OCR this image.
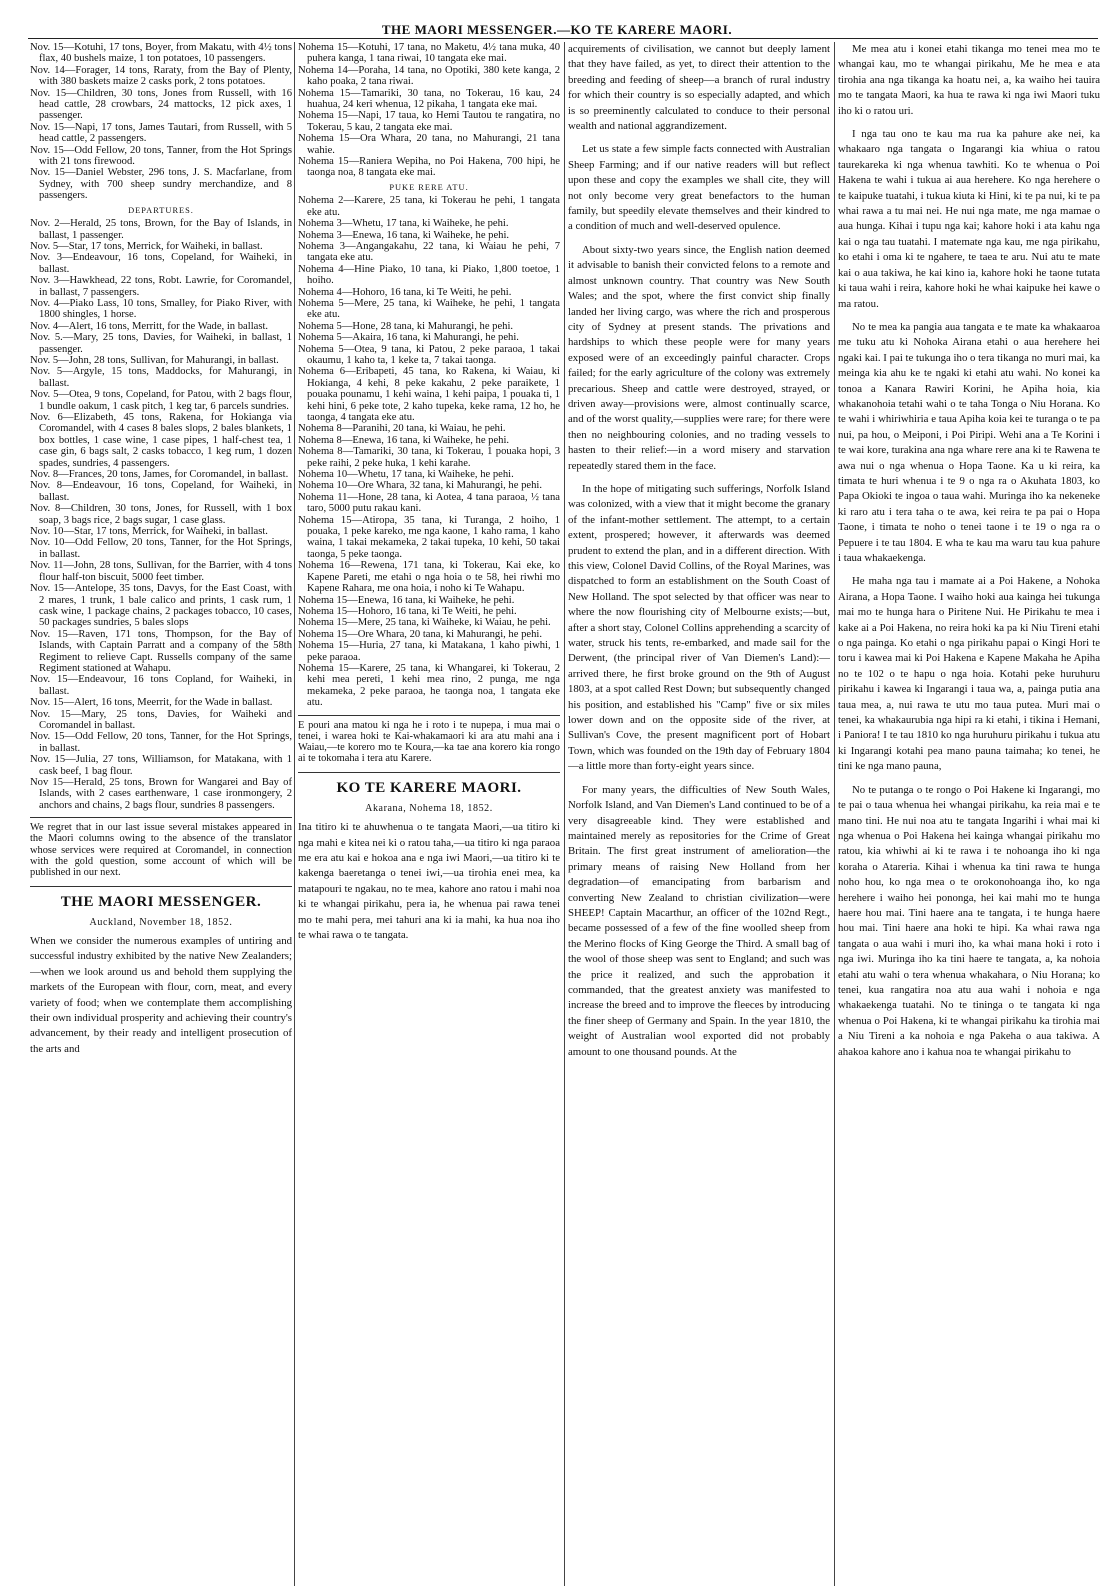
THE MAORI MESSENGER.—KO TE KARERE MAORI.

Nov. 15—Kotuhi, 17 tons, Boyer, from Makatu, with 4½ tons flax, 40 bushels maize, 1 ton potatoes, 10 passengers.

Nov. 14—Forager, 14 tons, Raraty, from the Bay of Plenty, with 380 baskets maize 2 casks pork, 2 tons potatoes.

Nov. 15—Children, 30 tons, Jones from Russell, with 16 head cattle, 28 crowbars, 24 mattocks, 12 pick axes, 1 passenger.

Nov. 15—Napi, 17 tons, James Tautari, from Russell, with 5 head cattle, 2 passengers.

Nov. 15—Odd Fellow, 20 tons, Tanner, from the Hot Springs with 21 tons firewood.

Nov. 15—Daniel Webster, 296 tons, J. S. Macfarlane, from Sydney, with 700 sheep sundry merchandize, and 8 passengers.

DEPARTURES.

Nov. 2—Herald, 25 tons, Brown, for the Bay of Islands, in ballast, 1 passenger.

Nov. 5—Star, 17 tons, Merrick, for Waiheki, in ballast.

Nov. 3—Endeavour, 16 tons, Copeland, for Waiheki, in ballast.

Nov. 3—Hawkhead, 22 tons, Robt. Lawrie, for Coromandel, in ballast, 7 passengers.

Nov. 4—Piako Lass, 10 tons, Smalley, for Piako River, with 1800 shingles, 1 horse.

Nov. 4—Alert, 16 tons, Merritt, for the Wade, in ballast.

Nov. 5.—Mary, 25 tons, Davies, for Waiheki, in ballast, 1 passenger.

Nov. 5—John, 28 tons, Sullivan, for Mahurangi, in ballast.

Nov. 5—Argyle, 15 tons, Maddocks, for Mahurangi, in ballast.

Nov. 5—Otea, 9 tons, Copeland, for Patou, with 2 bags flour, 1 bundle oakum, 1 cask pitch, 1 keg tar, 6 parcels sundries.

Nov. 6—Elizabeth, 45 tons, Rakena, for Hokianga via Coromandel, with 4 cases 8 bales slops, 2 bales blankets, 1 box bottles, 1 case wine, 1 case pipes, 1 half-chest tea, 1 case gin, 6 bags salt, 2 casks tobacco, 1 keg rum, 1 dozen spades, sundries, 4 passengers.

Nov. 8—Frances, 20 tons, James, for Coromandel, in ballast.

Nov. 8—Endeavour, 16 tons, Copeland, for Waiheki, in ballast.

Nov. 8—Children, 30 tons, Jones, for Russell, with 1 box soap, 3 bags rice, 2 bags sugar, 1 case glass.

Nov. 10—Star, 17 tons, Merrick, for Waiheki, in ballast.

Nov. 10—Odd Fellow, 20 tons, Tanner, for the Hot Springs, in ballast.

Nov. 11—John, 28 tons, Sullivan, for the Barrier, with 4 tons flour half-ton biscuit, 5000 feet timber.

Nov. 15—Antelope, 35 tons, Davys, for the East Coast, with 2 mares, 1 trunk, 1 bale calico and prints, 1 cask rum, 1 cask wine, 1 package chains, 2 packages tobacco, 10 cases, 50 packages sundries, 5 bales slops

Nov. 15—Raven, 171 tons, Thompson, for the Bay of Islands, with Captain Parratt and a company of the 58th Regiment to relieve Capt. Russells company of the same Regiment stationed at Wahapu.

Nov. 15—Endeavour, 16 tons Copland, for Waiheki, in ballast.

Nov. 15—Alert, 16 tons, Meerrit, for the Wade in ballast.

Nov. 15—Mary, 25 tons, Davies, for Waiheki and Coromandel in ballast.

Nov. 15—Odd Fellow, 20 tons, Tanner, for the Hot Springs, in ballast.

Nov. 15—Julia, 27 tons, Williamson, for Matakana, with 1 cask beef, 1 bag flour.

Nov 15—Herald, 25 tons, Brown for Wangarei and Bay of Islands, with 2 cases earthenware, 1 case ironmongery, 2 anchors and chains, 2 bags flour, sundries 8 passengers.

We regret that in our last issue several mistakes appeared in the Maori columns owing to the absence of the translator whose services were required at Coromandel, in connection with the gold question, some account of which will be published in our next.
THE MAORI MESSENGER.
Auckland, November 18, 1852.

When we consider the numerous examples of untiring and successful industry exhibited by the native New Zealanders;—when we look around us and behold them supplying the markets of the European with flour, corn, meat, and every variety of food; when we contemplate them accomplishing their own individual prosperity and achieving their country's advancement, by their ready and intelligent prosecution of the arts and

Nohema 15—Kotuhi, 17 tana, no Maketu, 4½ tana muka, 40 puhera kanga, 1 tana riwai, 10 tangata eke mai.

Nohema 14—Poraha, 14 tana, no Opotiki, 380 kete kanga, 2 kaho poaka, 2 tana riwai.

Nohema 15—Tamariki, 30 tana, no Tokerau, 16 kau, 24 huahua, 24 keri whenua, 12 pikaha, 1 tangata eke mai.

Nohema 15—Napi, 17 taua, ko Hemi Tautou te rangatira, no Tokerau, 5 kau, 2 tangata eke mai.

Nohema 15—Ora Whara, 20 tana, no Mahurangi, 21 tana wahie.

Nohema 15—Raniera Wepiha, no Poi Hakena, 700 hipi, he taonga noa, 8 tangata eke mai.

PUKE RERE ATU.

Nohema 2—Karere, 25 tana, ki Tokerau he pehi, 1 tangata eke atu.

Nohema 3—Whetu, 17 tana, ki Waiheke, he pehi.

Nohema 3—Enewa, 16 tana, ki Waiheke, he pehi.

Nohema 3—Angangakahu, 22 tana, ki Waiau he pehi, 7 tangata eke atu.

Nohema 4—Hine Piako, 10 tana, ki Piako, 1,800 toetoe, 1 hoiho.

Nohema 4—Hohoro, 16 tana, ki Te Weiti, he pehi.

Nohema 5—Mere, 25 tana, ki Waiheke, he pehi, 1 tangata eke atu.

Nohema 5—Hone, 28 tana, ki Mahurangi, he pehi.

Nohema 5—Akaira, 16 tana, ki Mahurangi, he pehi.

Nohema 5—Otea, 9 tana, ki Patou, 2 peke paraoa, 1 takai okaumu, 1 kaho ta, 1 keke ta, 7 takai taonga.

Nohema 6—Eribapeti, 45 tana, ko Rakena, ki Waiau, ki Hokianga, 4 kehi, 8 peke kakahu, 2 peke paraikete, 1 pouaka pounamu, 1 kehi waina, 1 kehi paipa, 1 pouaka ti, 1 kehi hini, 6 peke tote, 2 kaho tupeka, keke rama, 12 ho, he taonga, 4 tangata eke atu.

Nohema 8—Paranihi, 20 tana, ki Waiau, he pehi.

Nohema 8—Enewa, 16 tana, ki Waiheke, he pehi.

Nohema 8—Tamariki, 30 tana, ki Tokerau, 1 pouaka hopi, 3 peke raihi, 2 peke huka, 1 kehi karahe.

Nohema 10—Whetu, 17 tana, ki Waiheke, he pehi.

Nohema 10—Ore Whara, 32 tana, ki Mahurangi, he pehi.

Nohema 11—Hone, 28 tana, ki Aotea, 4 tana paraoa, ½ tana taro, 5000 putu rakau kani.

Nohema 15—Atiropa, 35 tana, ki Turanga, 2 hoiho, 1 pouaka, 1 peke kareko, me nga kaone, 1 kaho rama, 1 kaho waina, 1 takai mekameka, 2 takai tupeka, 10 kehi, 50 takai taonga, 5 peke taonga.

Nohema 16—Rewena, 171 tana, ki Tokerau, Kai eke, ko Kapene Pareti, me etahi o nga hoia o te 58, hei riwhi mo Kapene Rahara, me ona hoia, i noho ki Te Wahapu.

Nohema 15—Enewa, 16 tana, ki Waiheke, he pehi.

Nohema 15—Hohoro, 16 tana, ki Te Weiti, he pehi.

Nohema 15—Mere, 25 tana, ki Waiheke, ki Waiau, he pehi.

Nohema 15—Ore Whara, 20 tana, ki Mahurangi, he pehi.

Nohema 15—Huria, 27 tana, ki Matakana, 1 kaho piwhi, 1 peke paraoa.

Nohema 15—Karere, 25 tana, ki Whangarei, ki Tokerau, 2 kehi mea pereti, 1 kehi mea rino, 2 punga, me nga mekameka, 2 peke paraoa, he taonga noa, 1 tangata eke atu.

E pouri ana matou ki nga he i roto i te nupepa, i mua mai o tenei, i warea hoki te Kai-whakamaori ki ara atu mahi ana i Waiau,—te korero mo te Koura,—ka tae ana korero kia rongo ai te tokomaha i tera atu Karere.
KO TE KARERE MAORI.
Akarana, Nohema 18, 1852.

Ina titiro ki te ahuwhenua o te tangata Maori,—ua titiro ki nga mahi e kitea nei ki o ratou taha,—ua titiro ki nga paraoa me era atu kai e hokoa ana e nga iwi Maori,—ua titiro ki te kakenga baeretanga o tenei iwi,—ua tirohia enei mea, ka matapouri te ngakau, no te mea, kahore ano ratou i mahi noa ki te whangai pirikahu, pera ia, he whenua pai rawa tenei mo te mahi pera, mei tahuri ana ki ia mahi, ka hua noa iho te whai rawa o te tangata.

acquirements of civilisation, we cannot but deeply lament that they have failed, as yet, to direct their attention to the breeding and feeding of sheep—a branch of rural industry for which their country is so especially adapted, and which is so preeminently calculated to conduce to their personal wealth and national aggrandizement.

Let us state a few simple facts connected with Australian Sheep Farming; and if our native readers will but reflect upon these and copy the examples we shall cite, they will not only become very great benefactors to the human family, but speedily elevate themselves and their kindred to a condition of much and well-deserved opulence.

About sixty-two years since, the English nation deemed it advisable to banish their convicted felons to a remote and almost unknown country. That country was New South Wales; and the spot, where the first convict ship finally landed her living cargo, was where the rich and prosperous city of Sydney at present stands. The privations and hardships to which these people were for many years exposed were of an exceedingly painful character. Crops failed; for the early agriculture of the colony was extremely precarious. Sheep and cattle were destroyed, strayed, or driven away—provisions were, almost continually scarce, and of the worst quality,—supplies were rare; for there were then no neighbouring colonies, and no trading vessels to hasten to their relief:—in a word misery and starvation repeatedly stared them in the face.

In the hope of mitigating such sufferings, Norfolk Island was colonized, with a view that it might become the granary of the infant-mother settlement. The attempt, to a certain extent, prospered; however, it afterwards was deemed prudent to extend the plan, and in a different direction. With this view, Colonel David Collins, of the Royal Marines, was dispatched to form an establishment on the South Coast of New Holland. The spot selected by that officer was near to where the now flourishing city of Melbourne exists;—but, after a short stay, Colonel Collins apprehending a scarcity of water, struck his tents, re-embarked, and made sail for the Derwent, (the principal river of Van Diemen's Land):—arrived there, he first broke ground on the 9th of August 1803, at a spot called Rest Down; but subsequently changed his position, and established his "Camp" five or six miles lower down and on the opposite side of the river, at Sullivan's Cove, the present magnificent port of Hobart Town, which was founded on the 19th day of February 1804—a little more than forty-eight years since.

For many years, the difficulties of New South Wales, Norfolk Island, and Van Diemen's Land continued to be of a very disagreeable kind. They were established and maintained merely as repositories for the Crime of Great Britain. The first great instrument of amelioration—the primary means of raising New Holland from her degradation—of emancipating from barbarism and converting New Zealand to christian civilization—were SHEEP! Captain Macarthur, an officer of the 102nd Regt., became possessed of a few of the fine woolled sheep from the Merino flocks of King George the Third. A small bag of the wool of those sheep was sent to England; and such was the price it realized, and such the approbation it commanded, that the greatest anxiety was manifested to increase the breed and to improve the fleeces by introducing the finer sheep of Germany and Spain. In the year 1810, the weight of Australian wool exported did not probably amount to one thousand pounds. At the

Me mea atu i konei etahi tikanga mo tenei mea mo te whangai kau, mo te whangai pirikahu, Me he mea e ata tirohia ana nga tikanga ka hoatu nei, a, ka waiho hei tauira mo te tangata Maori, ka hua te rawa ki nga iwi Maori tuku iho ki o ratou uri.

I nga tau ono te kau ma rua ka pahure ake nei, ka whakaaro nga tangata o Ingarangi kia whiua o ratou taurekareka ki nga whenua tawhiti. Ko te whenua o Poi Hakena te wahi i tukua ai aua herehere. Ko nga herehere o te kaipuke tuatahi, i tukua kiuta ki Hini, ki te pa nui, ki te pa whai rawa a tu mai nei. He nui nga mate, me nga mamae o aua hunga. Kihai i tupu nga kai; kahore hoki i ata kahu nga kai o nga tau tuatahi. I matemate nga kau, me nga pirikahu, ko etahi i oma ki te ngahere, te taea te aru. Nui atu te mate kai o aua takiwa, he kai kino ia, kahore hoki he taone tutata ki taua wahi i reira, kahore hoki he whai kaipuke hei kawe o ma ratou.

No te mea ka pangia aua tangata e te mate ka whakaaroa me tuku atu ki Nohoka Airana etahi o aua herehere hei ngaki kai. I pai te tukunga iho o tera tikanga no muri mai, ka meinga kia ahu ke te ngaki ki etahi atu wahi. No konei ka tonoa a Kanara Rawiri Korini, he Apiha hoia, kia whakanohoia tetahi wahi o te taha Tonga o Niu Horana. Ko te wahi i whiriwhiria e taua Apiha koia kei te turanga o te pa nui, pa hou, o Meiponi, i Poi Piripi. Wehi ana a Te Korini i te wai kore, turakina ana nga whare rere ana ki te Rawena te awa nui o nga whenua o Hopa Taone. Ka u ki reira, ka timata te huri whenua i te 9 o nga ra o Akuhata 1803, ko Papa Okioki te ingoa o taua wahi. Muringa iho ka nekeneke ki raro atu i tera taha o te awa, kei reira te pa pai o Hopa Taone, i timata te noho o tenei taone i te 19 o nga ra o Pepuere i te tau 1804. E wha te kau ma waru tau kua pahure i taua whakaekenga.

He maha nga tau i mamate ai a Poi Hakene, a Nohoka Airana, a Hopa Taone. I waiho hoki aua kainga hei tukunga mai mo te hunga hara o Piritene Nui. He Pirikahu te mea i kake ai a Poi Hakena, no reira hoki ka pa ki Niu Tireni etahi o nga painga. Ko etahi o nga pirikahu papai o Kingi Hori te toru i kawea mai ki Poi Hakena e Kapene Makaha he Apiha no te 102 o te hapu o nga hoia. Kotahi peke huruhuru pirikahu i kawea ki Ingarangi i taua wa, a, painga putia ana taua mea, a, nui rawa te utu mo taua putea. Muri mai o tenei, ka whakaurubia nga hipi ra ki etahi, i tikina i Hemani, i Paniora! I te tau 1810 ko nga huruhuru pirikahu i tukua atu ki Ingarangi kotahi pea mano pauna taimaha; ko tenei, he tini ke nga mano pauna,

No te putanga o te rongo o Poi Hakene ki Ingarangi, mo te pai o taua whenua hei whangai pirikahu, ka reia mai e te mano tini. He nui noa atu te tangata Ingarihi i whai mai ki nga whenua o Poi Hakena hei kainga whangai pirikahu mo ratou, kia whiwhi ai ki te rawa i te nohoanga iho ki nga koraha o Atareria. Kihai i whenua ka tini rawa te hunga noho hou, ko nga mea o te orokonohoanga iho, ko nga herehere i waiho hei pononga, hei kai mahi mo te hunga haere hou mai. Tini haere ana te tangata, i te hunga haere hou mai. Tini haere ana hoki te hipi. Ka whai rawa nga tangata o aua wahi i muri iho, ka whai mana hoki i roto i nga iwi. Muringa iho ka tini haere te tangata, a, ka nohoia etahi atu wahi o tera whenua whakahara, o Niu Horana; ko tenei, kua rangatira noa atu aua wahi i nohoia e nga whakaekenga tuatahi. No te tininga o te tangata ki nga whenua o Poi Hakena, ki te whangai pirikahu ka tirohia mai a Niu Tireni a ka nohoia e nga Pakeha o aua takiwa. A ahakoa kahore ano i kahua noa te whangai pirikahu to
